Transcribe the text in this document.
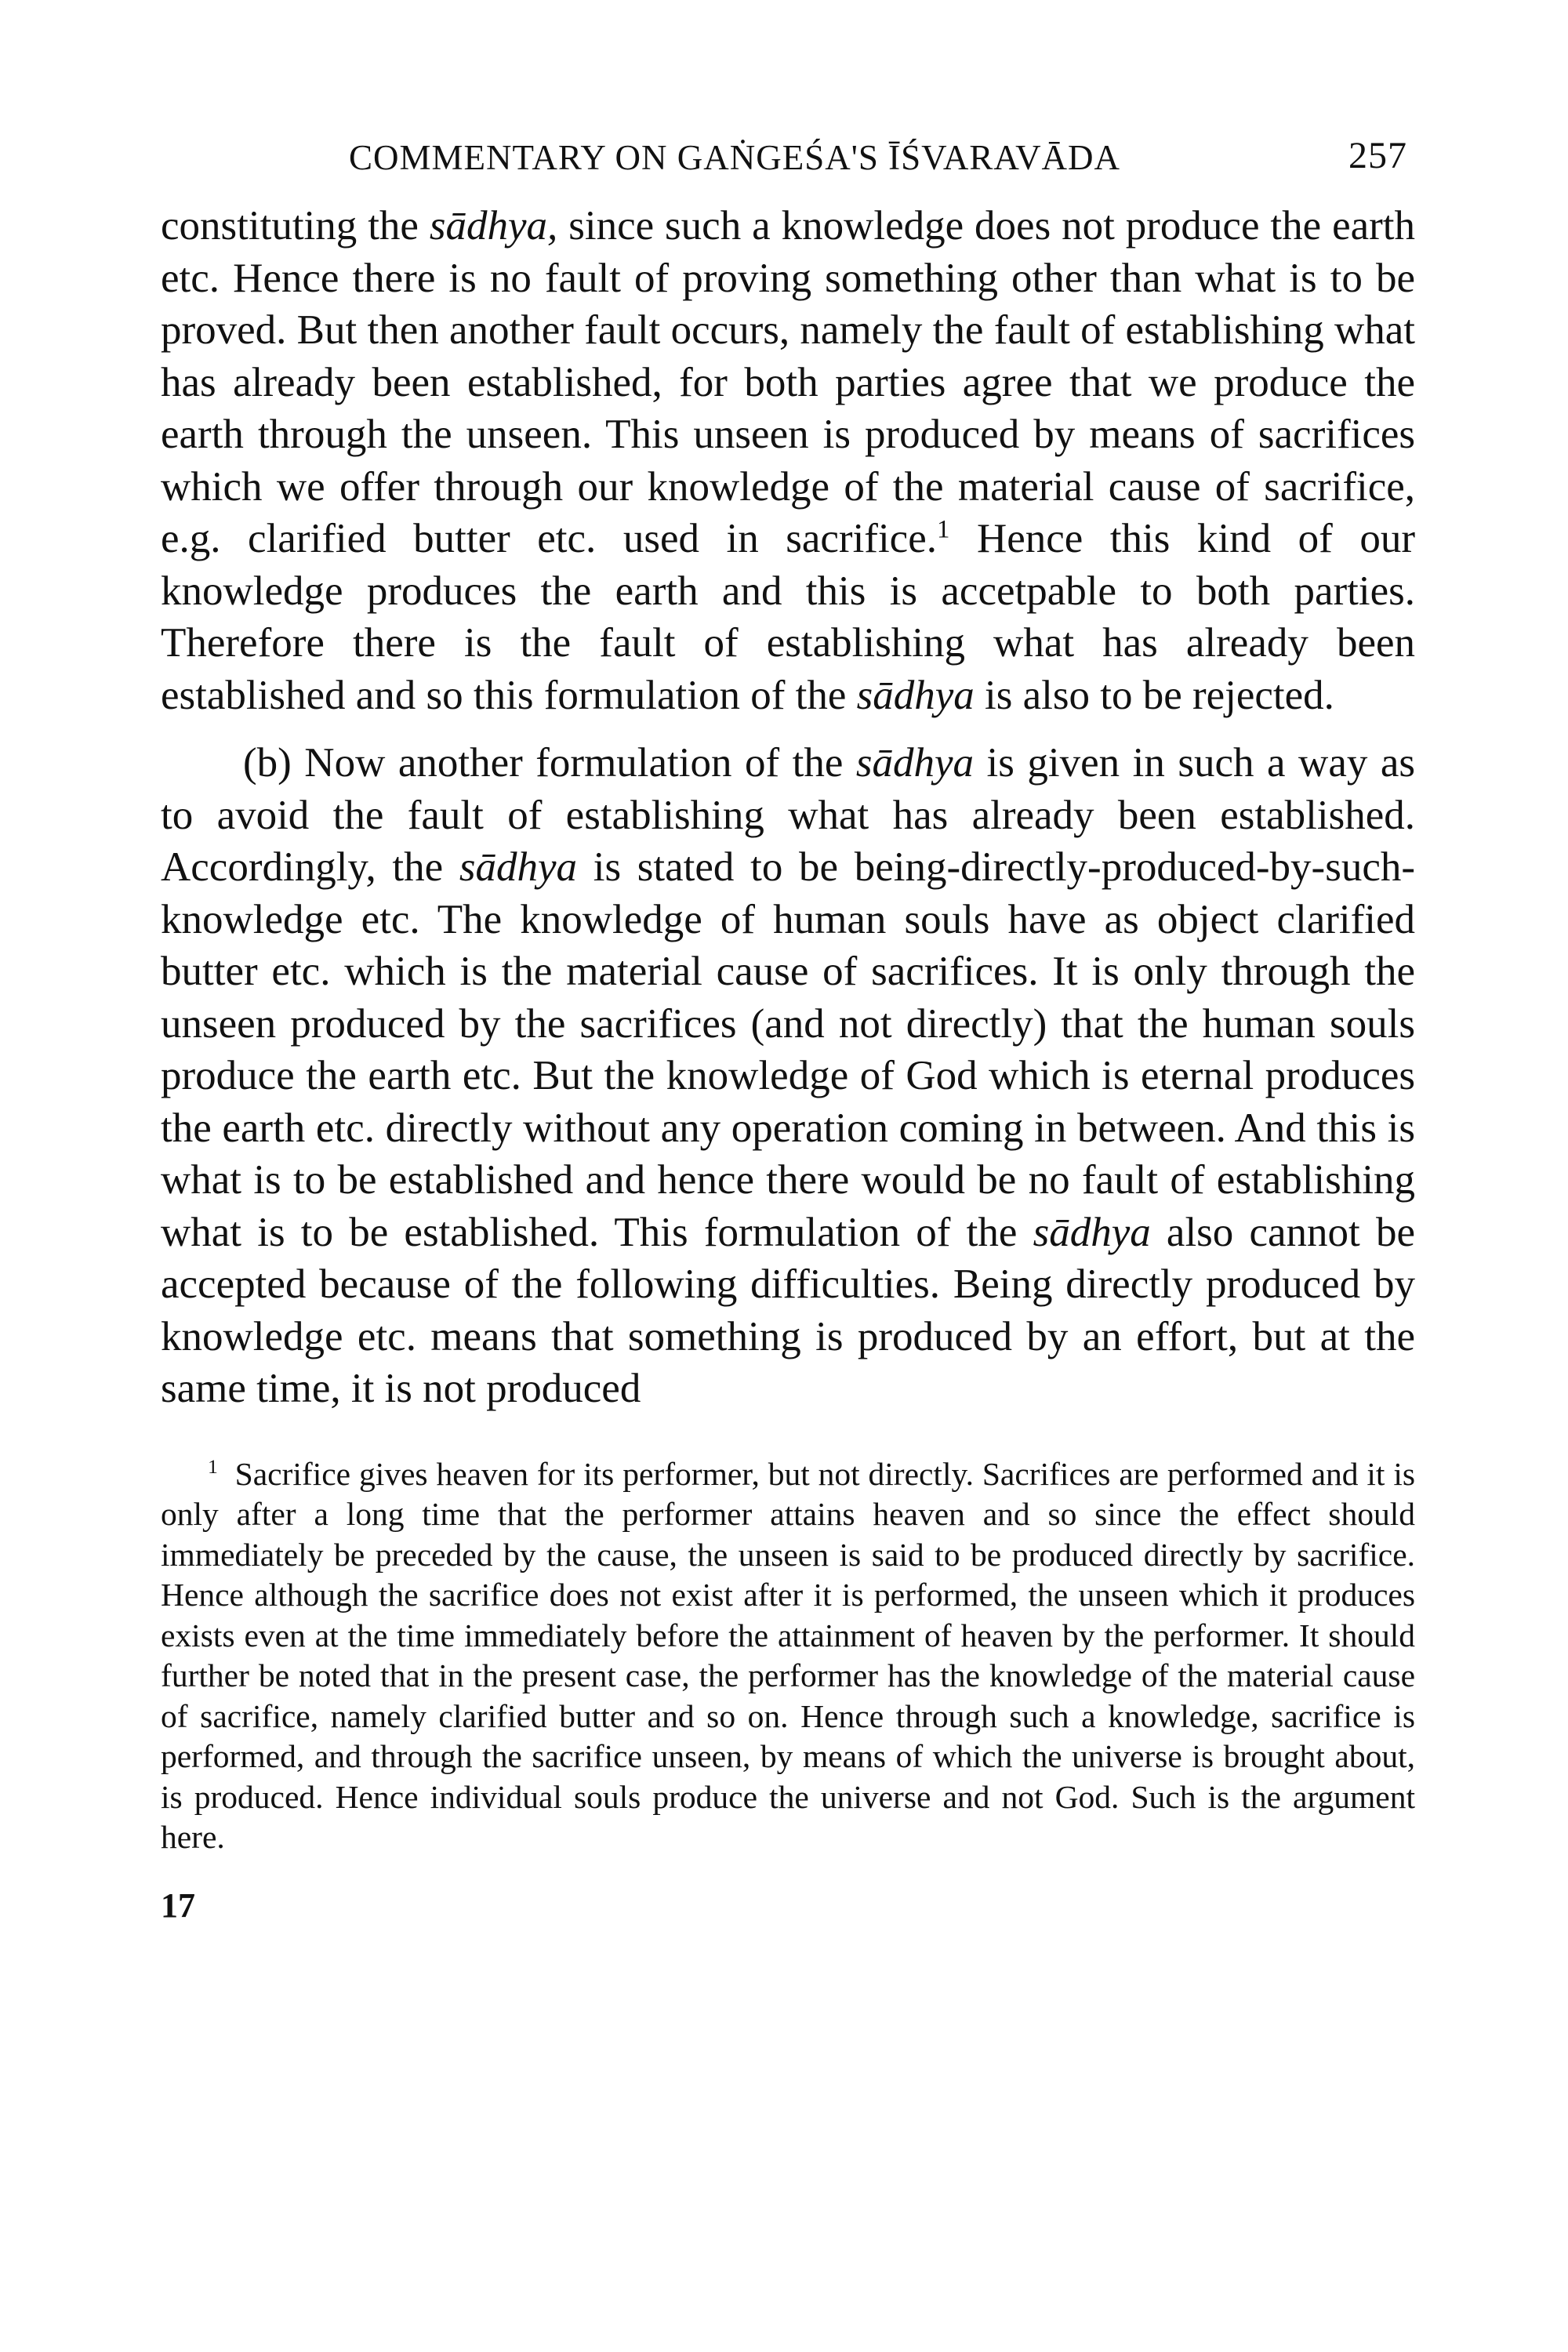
COMMENTARY ON GAṄGEŚA'S ĪŚVARAVĀDA	257

constituting the sādhya, since such a knowledge does not produce the earth etc. Hence there is no fault of proving something other than what is to be proved. But then another fault occurs, namely the fault of establishing what has already been established, for both parties agree that we produce the earth through the unseen. This unseen is produced by means of sacrifices which we offer through our knowledge of the material cause of sacrifice, e.g. clarified butter etc. used in sacrifice.$^1$ Hence this kind of our knowledge produces the earth and this is accetpable to both parties. Therefore there is the fault of establishing what has already been established and so this formulation of the sādhya is also to be rejected.

(b) Now another formulation of the sādhya is given in such a way as to avoid the fault of establishing what has already been established. Accordingly, the sādhya is stated to be being-directly-produced-by-such-knowledge etc. The knowledge of human souls have as object clarified butter etc. which is the material cause of sacrifices. It is only through the unseen produced by the sacrifices (and not directly) that the human souls produce the earth etc. But the knowledge of God which is eternal produces the earth etc. directly without any operation coming in between. And this is what is to be established and hence there would be no fault of establishing what is to be established. This formulation of the sādhya also cannot be accepted because of the following difficulties. Being directly produced by knowledge etc. means that something is produced by an effort, but at the same time, it is not produced

$^1$ Sacrifice gives heaven for its performer, but not directly. Sacrifices are performed and it is only after a long time that the performer attains heaven and so since the effect should immediately be preceded by the cause, the unseen is said to be produced directly by sacrifice. Hence although the sacrifice does not exist after it is performed, the unseen which it produces exists even at the time immediately before the attainment of heaven by the performer. It should further be noted that in the present case, the performer has the knowledge of the material cause of sacrifice, namely clarified butter and so on. Hence through such a knowledge, sacrifice is performed, and through the sacrifice unseen, by means of which the universe is brought about, is produced. Hence individual souls produce the universe and not God. Such is the argument here.

17
